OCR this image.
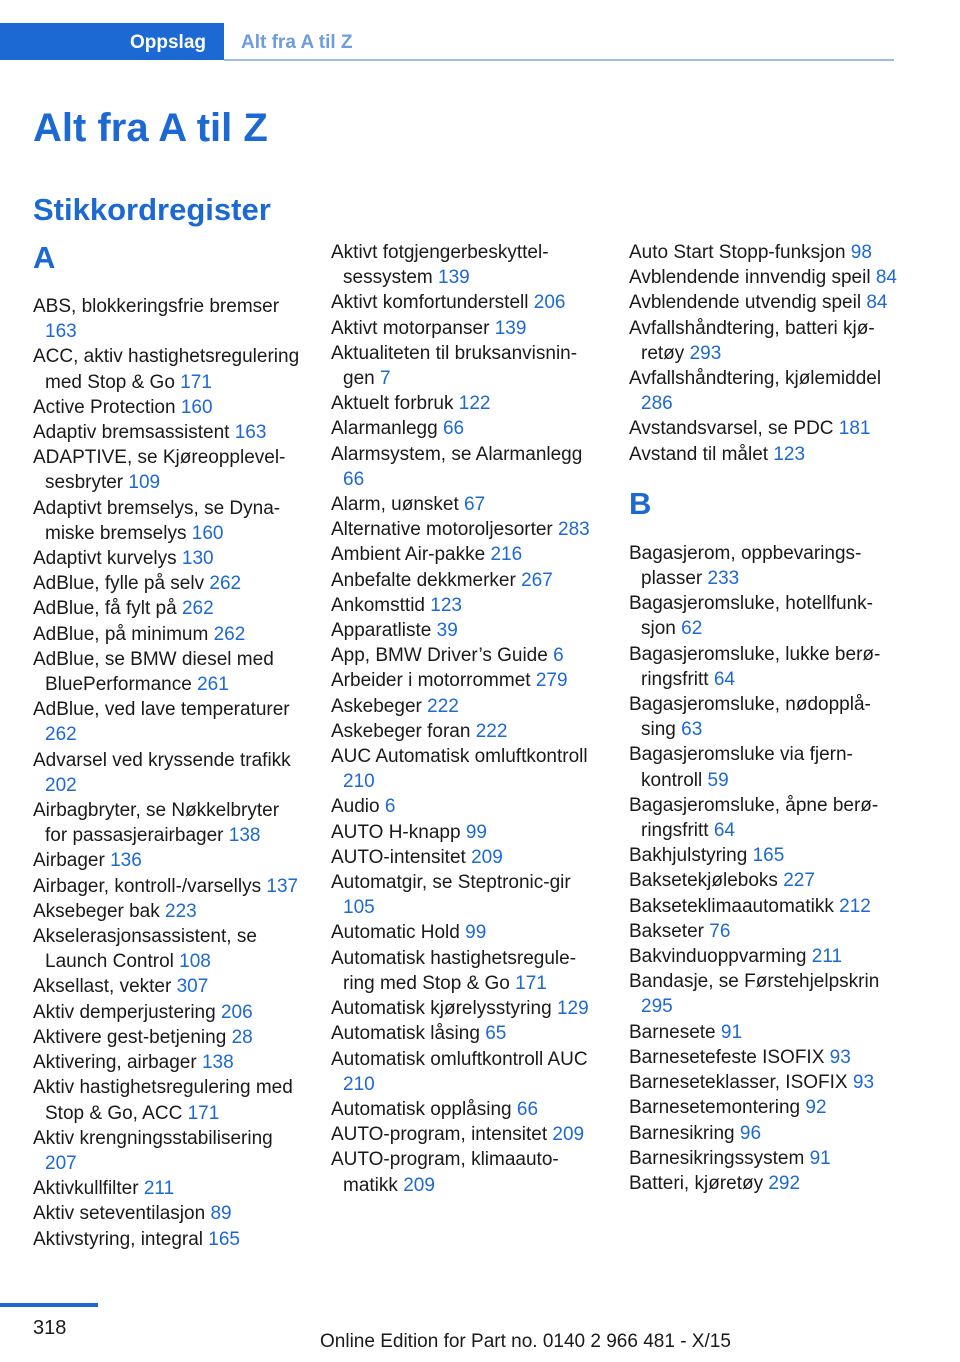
Oppslag	Alt fra A til Z
Alt fra A til Z
Stikkordregister
A
ABS, blokkeringsfrie bremser 163
ACC, aktiv hastighetsregulering med Stop & Go 171
Active Protection 160
Adaptiv bremsassistent 163
ADAPTIVE, se Kjøreopplevelsesbryter 109
Adaptivt bremselys, se Dynamiske bremselys 160
Adaptivt kurvelys 130
AdBlue, fylle på selv 262
AdBlue, få fylt på 262
AdBlue, på minimum 262
AdBlue, se BMW diesel med BluePerformance 261
AdBlue, ved lave temperaturer 262
Advarsel ved kryssende trafikk 202
Airbagbryter, se Nøkkelbryter for passasjerairbager 138
Airbager 136
Airbager, kontroll-/varsellys 137
Aksebeger bak 223
Akselerasjonsassistent, se Launch Control 108
Aksellast, vekter 307
Aktiv demperjustering 206
Aktivere gest-betjening 28
Aktivering, airbager 138
Aktiv hastighetsregulering med Stop & Go, ACC 171
Aktiv krengningsstabilisering 207
Aktivkullfilter 211
Aktiv seteventilasjon 89
Aktivstyring, integral 165
Aktivt fotgjengerbeskyttelsessystem 139
Aktivt komfortunderstell 206
Aktivt motorpanser 139
Aktualiteten til bruksanvisningen 7
Aktuelt forbruk 122
Alarmanlegg 66
Alarmsystem, se Alarmanlegg 66
Alarm, uønsket 67
Alternative motoroljesorter 283
Ambient Air-pakke 216
Anbefalte dekkmerker 267
Ankomsttid 123
Apparatliste 39
App, BMW Driver’s Guide 6
Arbeider i motorrommet 279
Askebeger 222
Askebeger foran 222
AUC Automatisk omluftkontroll 210
Audio 6
AUTO H-knapp 99
AUTO-intensitet 209
Automatgir, se Steptronic-gir 105
Automatic Hold 99
Automatisk hastighetsregulering med Stop & Go 171
Automatisk kjørelysstyring 129
Automatisk låsing 65
Automatisk omluftkontroll AUC 210
Automatisk opplåsing 66
AUTO-program, intensitet 209
AUTO-program, klimaautomatikk 209
Auto Start Stopp-funksjon 98
Avblendende innvendig speil 84
Avblendende utvendig speil 84
Avfallshåndtering, batteri kjøretøy 293
Avfallshåndtering, kjølemiddel 286
Avstandsvarsel, se PDC 181
Avstand til målet 123
B
Bagasjerom, oppbevaringsplasser 233
Bagasjeromsluke, hotellfunksjon 62
Bagasjeromsluke, lukke berøringsfritt 64
Bagasjeromsluke, nødopplåsing 63
Bagasjeromsluke via fjernkontroll 59
Bagasjeromsluke, åpne berøringsfritt 64
Bakhjulstyring 165
Baksetekjøleboks 227
Bakseteklimaautomatikk 212
Bakseter 76
Bakvinduoppvarming 211
Bandasje, se Førstehjelpskrin 295
Barnesete 91
Barnesetefeste ISOFIX 93
Barneseteklasser, ISOFIX 93
Barnesetemontering 92
Barnesikring 96
Barnesikringssystem 91
Batteri, kjøretøy 292
318
Online Edition for Part no. 0140 2 966 481 - X/15
